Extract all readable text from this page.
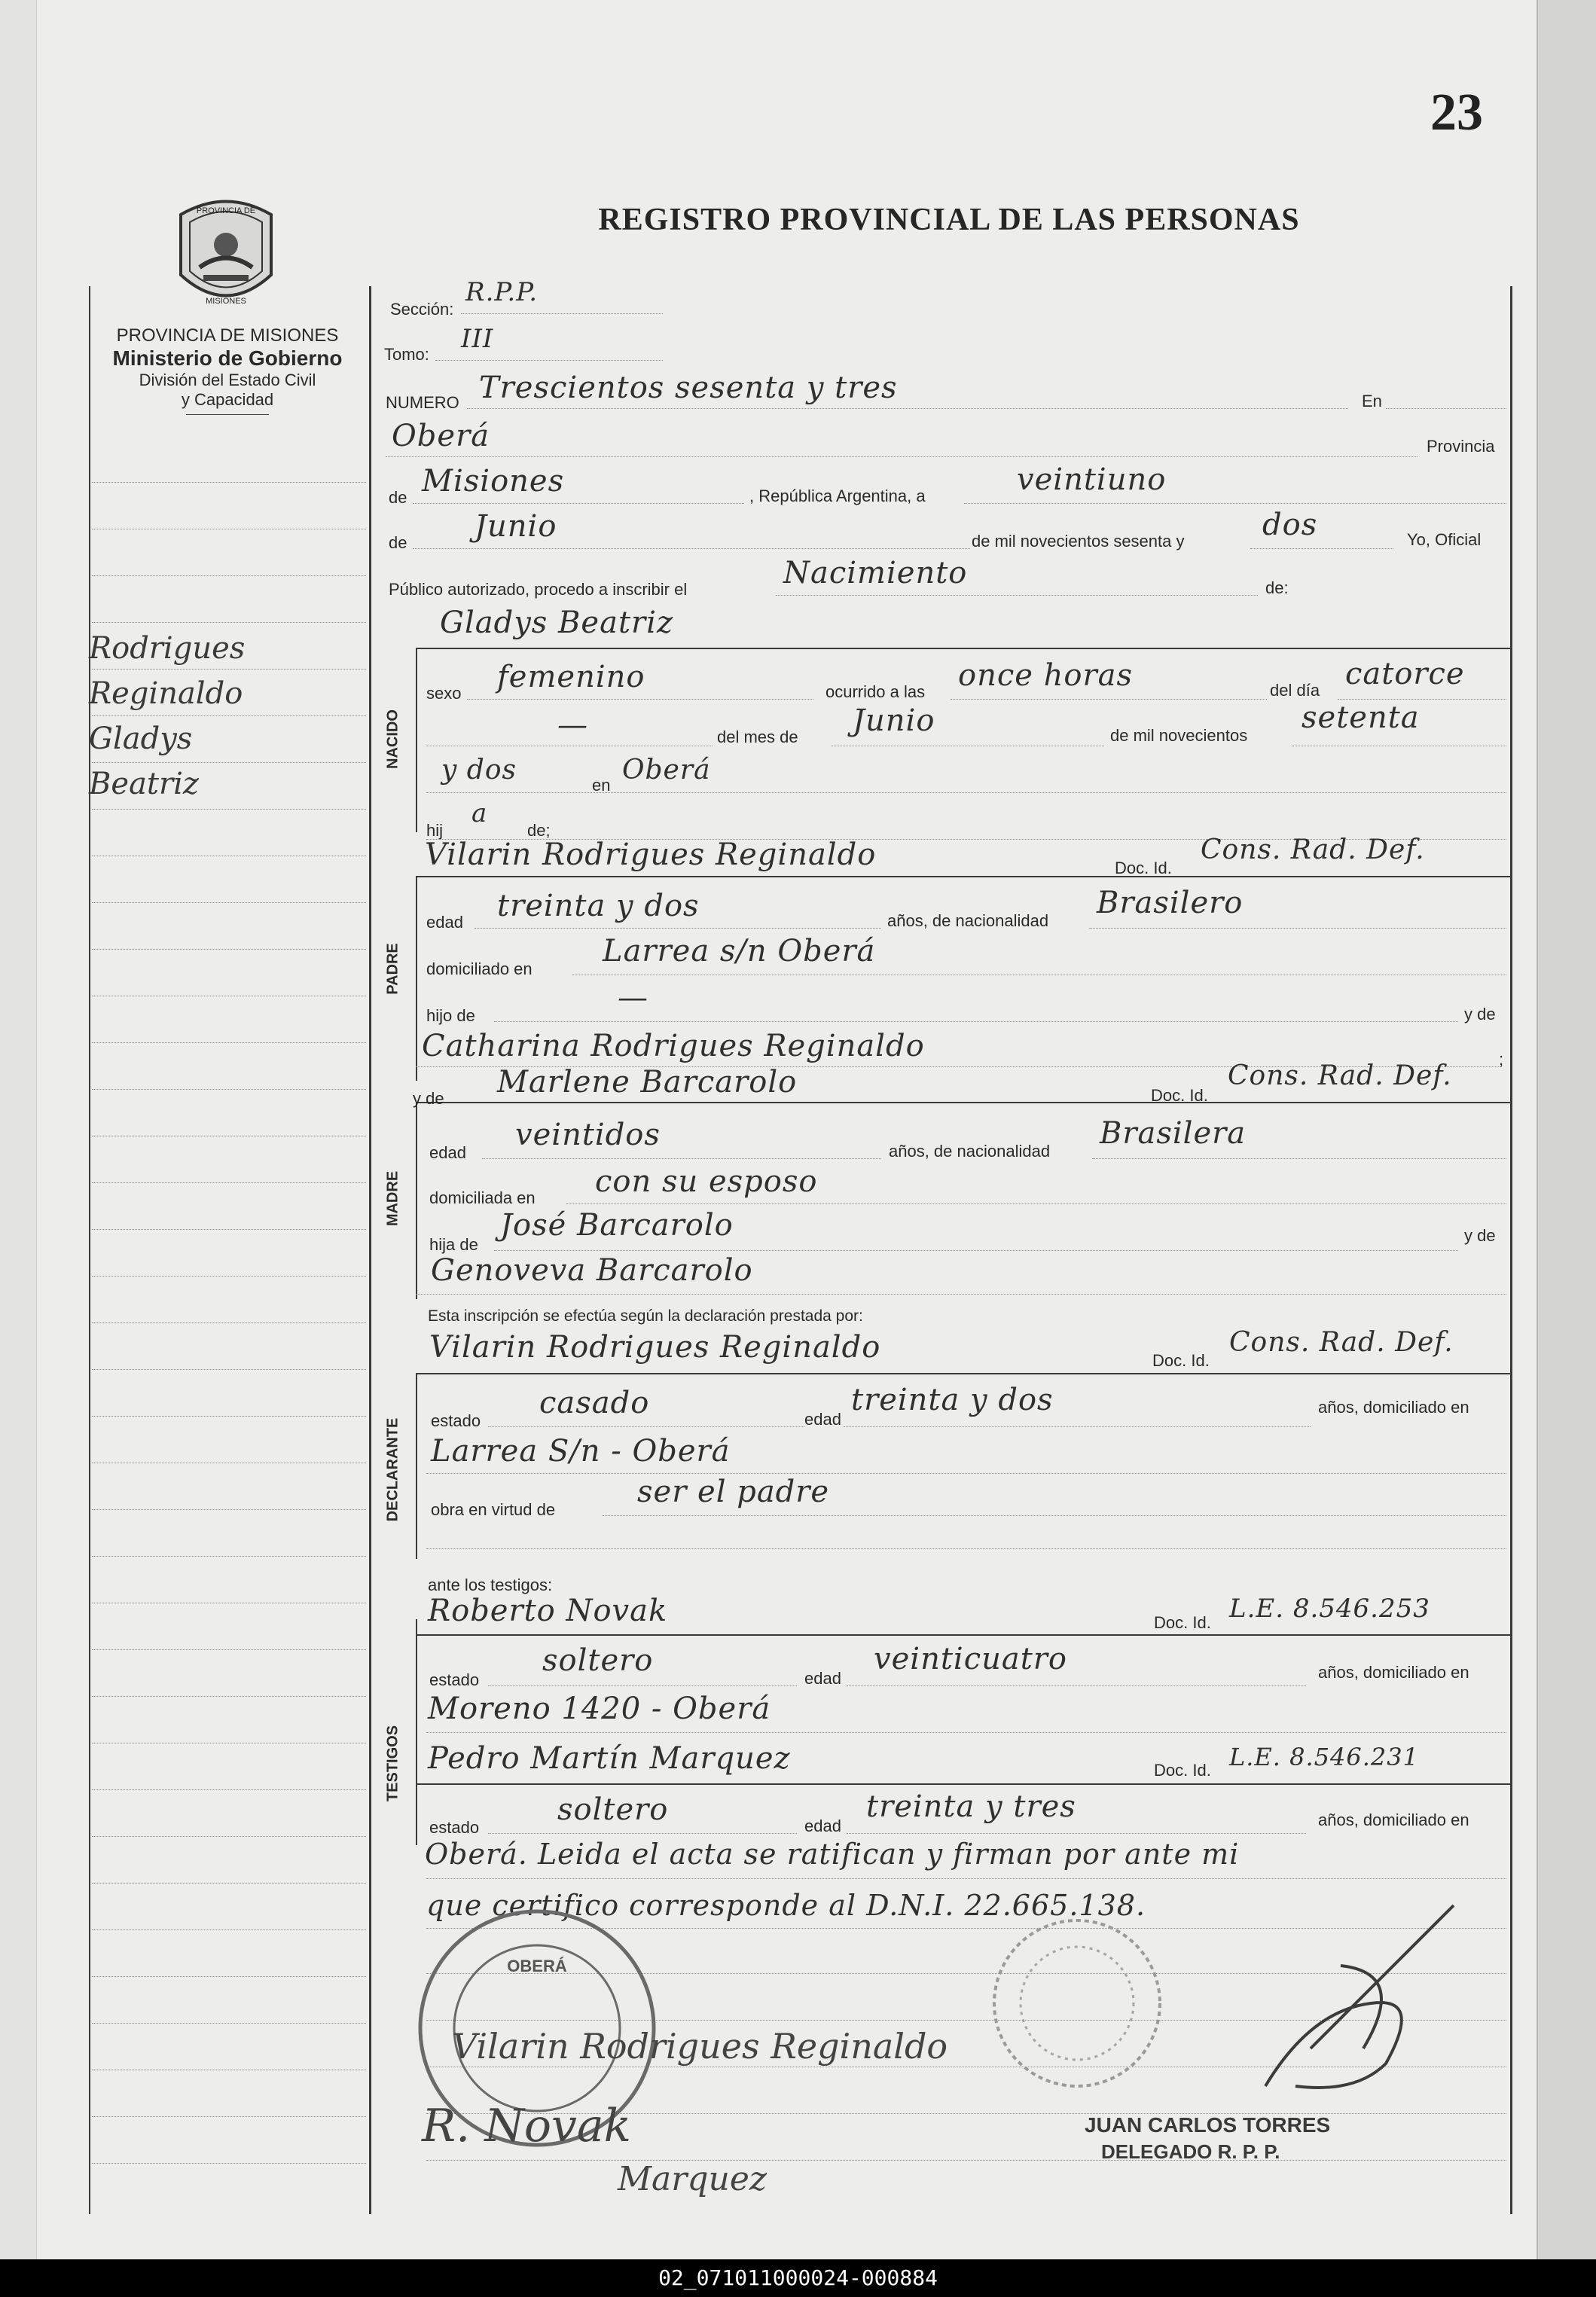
23
REGISTRO PROVINCIAL DE LAS PERSONAS
PROVINCIA DE
MISIONES
PROVINCIA DE MISIONES
Ministerio de Gobierno
División del Estado Civil
y Capacidad
NACIDO
PADRE
MADRE
DECLARANTE
TESTIGOS
Rodrigues
Reginaldo
Gladys
Beatriz
Sección:
R.P.P.
Tomo:
III
NUMERO Trescientos sesenta y tres	En
Oberá	Provincia
de Misiones	, República Argentina, a	veintiuno
de Junio	de mil novecientos sesenta y	dos	Yo, Oficial
Público autorizado, procedo a inscribir el	Nacimiento	de:
Gladys Beatriz
sexo femenino	ocurrido a las once horas	del día catorce
—	del mes de Junio	de mil novecientos
setenta
y dos	en Oberá
hij
a
de;
Vilarin Rodrigues Reginaldo	Doc. Id.
Cons. Rad. Def.
edad treinta y dos	años, de nacionalidad
Brasilero
domiciliado en
Larrea s/n Oberá
hijo de
—	y de
Catharina Rodrigues Reginaldo	;
y de Marlene Barcarolo	Doc. Id.
Cons. Rad. Def.
edad
veintidos	años, de nacionalidad
Brasilera
domiciliada en con su esposo
hija de
José Barcarolo	y de
Genoveva Barcarolo
Esta inscripción se efectúa según la declaración prestada por:
Vilarin Rodrigues Reginaldo	Doc. Id.
Cons. Rad. Def.
estado
casado	edad
treinta y dos	años, domiciliado en
Larrea S/n - Oberá
obra en virtud de
ser el padre
ante los testigos:
Roberto Novak	Doc. Id. L.E. 8.546.253
estado
soltero
edad
veinticuatro	años, domiciliado en
Moreno 1420 - Oberá
Pedro Martín Marquez	Doc. Id. L.E. 8.546.231
estado
soltero	edad
treinta y tres	años, domiciliado en
Oberá. Leida el acta se ratifican y firman por ante mi
que certifico corresponde al D.N.I. 22.665.138.
OBERÁ
Vilarin Rodrigues Reginaldo
R. Novak
Marquez
JUAN CARLOS TORRES
DELEGADO R. P. P.
02_071011000024-000884
